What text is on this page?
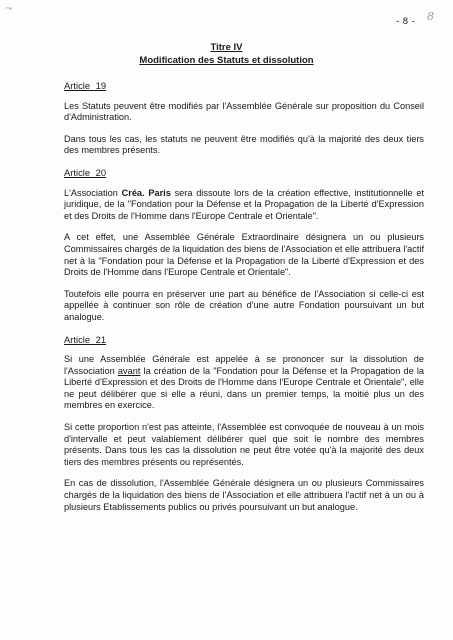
"*
- 8 - 8
Titre IV
Modification des Statuts et dissolution
Article 19

Les Statuts peuvent être modifiés par l'Assemblée Générale sur proposition du Conseil d'Administration.

Dans tous les cas, les statuts ne peuvent être modifiés qu'à la majorité des deux tiers des membres présents.

Article 20

L'Association Créa. Paris sera dissoute lors de la création effective, institutionnelle et juridique, de la "Fondation pour la Défense et la Propagation de la Liberté d'Expression et des Droits de l'Homme dans l'Europe Centrale et Orientale".

A cet effet, une Assemblée Générale Extraordinaire désignera un ou plusieurs Commissaires chargés de la liquidation des biens de l'Association et elle attribuera l'actif net à la "Fondation pour la Défense et la Propagation de la Liberté d'Expression et des Droits de l'Homme dans l'Europe Centrale et Orientale".

Toutefois elle pourra en préserver une part au bénéfice de l'Association si celle-ci est appellée à continuer son rôle de création d'une autre Fondation poursuivant un but analogue.

Article 21

Si une Assemblée Générale est appelée à se prononcer sur la dissolution de l'Association avant la création de la "Fondation pour la Défense et la Propagation de la Liberté d'Expression et des Droits de l'Homme dans l'Europe Centrale et Orientale", elle ne peut délibérer que si elle a réuni, dans un premier temps, la moitié plus un des membres en exercice.

Si cette proportion n'est pas atteinte, l'Assemblée est convoquée de nouveau à un mois d'intervalle et peut valablement délibérer quel que soit le nombre des membres présents. Dans tous les cas la dissolution ne peut être votée qu'à la majorité des deux tiers des membres présents ou représentés.

En cas de dissolution, l'Assemblée Générale désignera un ou plusieurs Commissaires chargés de la liquidation des biens de l'Association et elle attribuera l'actif net à un ou à plusieurs Etablissements publics ou privés poursuivant un but analogue.
